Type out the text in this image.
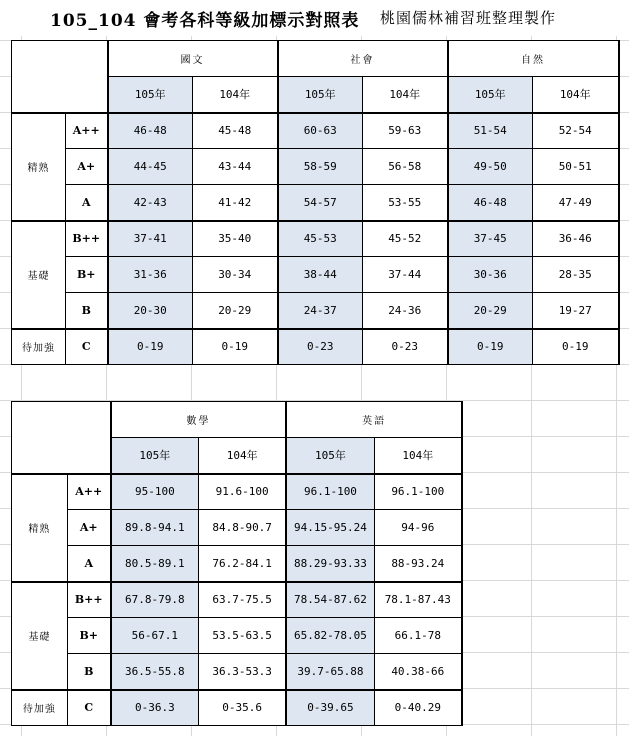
105_104 會考各科等級加標示對照表 桃園儒林補習班整理製作
		國文		社會		自然	
		105年	104年	105年	104年	105年	104年
精熟	A++	46-48	45-48	60-63	59-63	51-54	52-54
	A+	44-45	43-44	58-59	56-58	49-50	50-51
	A	42-43	41-42	54-57	53-55	46-48	47-49
基礎	B++	37-41	35-40	45-53	45-52	37-45	36-46
	B+	31-36	30-34	38-44	37-44	30-36	28-35
	B	20-30	20-29	24-37	24-36	20-29	19-27
待加強	C	0-19	0-19	0-23	0-23	0-19	0-19
		數學		英語	
		105年	104年	105年	104年
精熟	A++	95-100	91.6-100	96.1-100	96.1-100
	A+	89.8-94.1	84.8-90.7	94.15-95.24	94-96
	A	80.5-89.1	76.2-84.1	88.29-93.33	88-93.24
基礎	B++	67.8-79.8	63.7-75.5	78.54-87.62	78.1-87.43
	B+	56-67.1	53.5-63.5	65.82-78.05	66.1-78
	B	36.5-55.8	36.3-53.3	39.7-65.88	40.38-66
待加強	C	0-36.3	0-35.6	0-39.65	0-40.29
